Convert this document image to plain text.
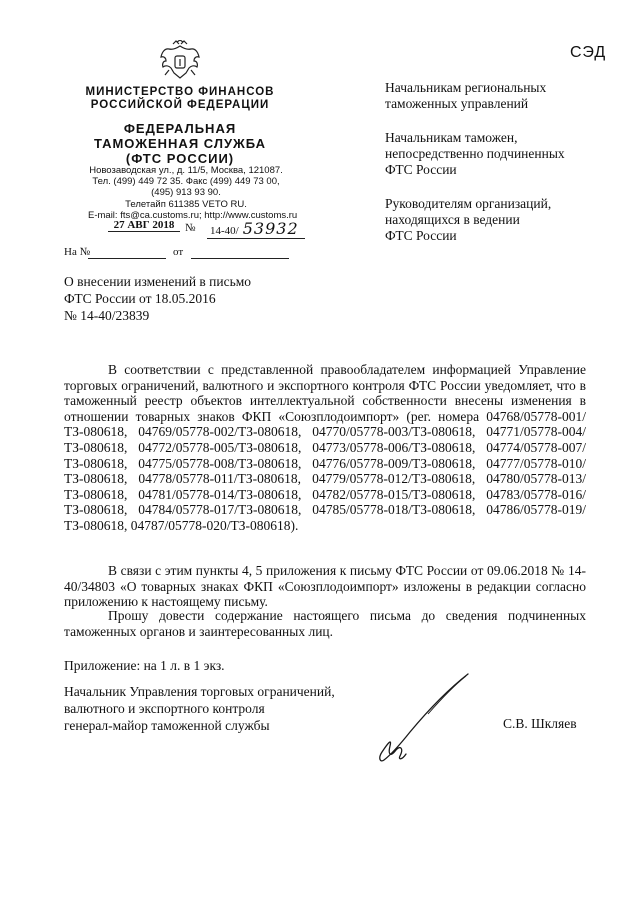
СЭД
МИНИСТЕРСТВО ФИНАНСОВ
РОССИЙСКОЙ ФЕДЕРАЦИИ
ФЕДЕРАЛЬНАЯ
ТАМОЖЕННАЯ СЛУЖБА
(ФТС РОССИИ)
Новозаводская ул., д. 11/5, Москва, 121087.
Тел. (499) 449 72 35. Факс (499) 449 73 00,
(495) 913 93 90.
Телетайп 611385 VETO RU.
E-mail: fts@ca.customs.ru; http://www.customs.ru
27 АВГ 2018 № 14-40/ 53932
На №	от
Начальникам региональных
таможенных управлений
Начальникам таможен,
непосредственно подчиненных
ФТС России
Руководителям организаций,
находящихся в ведении
ФТС России
О внесении изменений в письмо
ФТС России от 18.05.2016
№ 14-40/23839
В соответствии с представленной правообладателем информацией Управление торговых ограничений, валютного и экспортного контроля ФТС России уведомляет, что в таможенный реестр объектов интеллектуальной собственности внесены изменения в отношении товарных знаков ФКП «Союзплодоимпорт» (рег. номера 04768/05778-001/ТЗ-080618, 04769/05778-002/ТЗ-080618, 04770/05778-003/ТЗ-080618, 04771/05778-004/ТЗ-080618, 04772/05778-005/ТЗ-080618, 04773/05778-006/ТЗ-080618, 04774/05778-007/ТЗ-080618, 04775/05778-008/ТЗ-080618, 04776/05778-009/ТЗ-080618, 04777/05778-010/ТЗ-080618, 04778/05778-011/ТЗ-080618, 04779/05778-012/ТЗ-080618, 04780/05778-013/ТЗ-080618, 04781/05778-014/ТЗ-080618, 04782/05778-015/ТЗ-080618, 04783/05778-016/ТЗ-080618, 04784/05778-017/ТЗ-080618, 04785/05778-018/ТЗ-080618, 04786/05778-019/ТЗ-080618, 04787/05778-020/ТЗ-080618).
В связи с этим пункты 4, 5 приложения к письму ФТС России от 09.06.2018 № 14-40/34803 «О товарных знаках ФКП «Союзплодоимпорт» изложены в редакции согласно приложению к настоящему письму.
Прошу довести содержание настоящего письма до сведения подчиненных таможенных органов и заинтересованных лиц.
Приложение: на 1 л. в 1 экз.
Начальник Управления торговых ограничений,
валютного и экспортного контроля
генерал-майор таможенной службы	С.В. Шкляев
